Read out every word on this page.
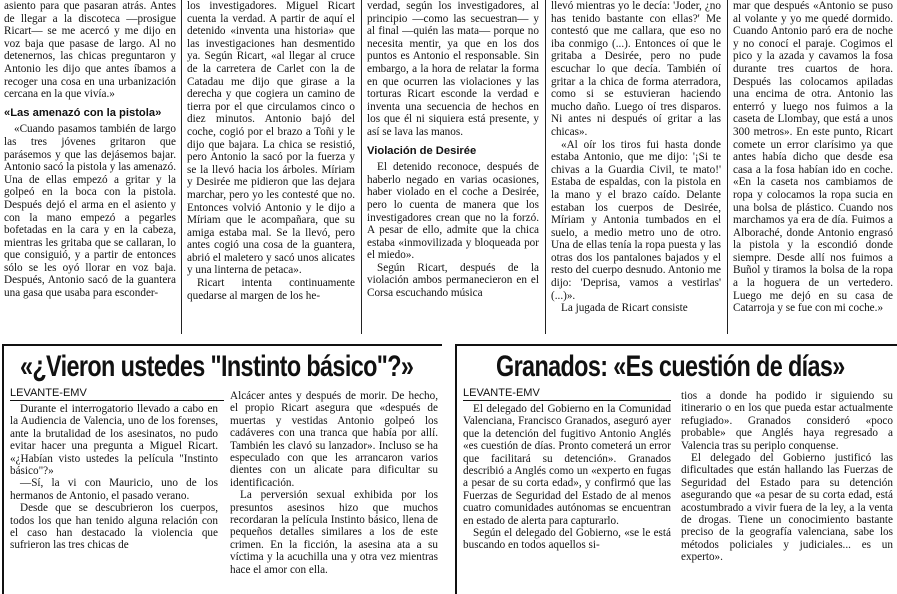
asiento para que pasaran atrás. Antes de llegar a la discoteca —prosigue Ricart— se me acercó y me dijo en voz baja que pasase de largo. Al no detenernos, las chicas preguntaron y Antonio les dijo que antes íbamos a recoger una cosa en una urbanización cercana en la que vivía.»

«Las amenazó con la pistola»

«Cuando pasamos también de largo las tres jóvenes gritaron que parásemos y que las dejásemos bajar. Antonio sacó la pistola y las amenazó. Una de ellas empezó a gritar y la golpeó en la boca con la pistola. Después dejó el arma en el asiento y con la mano empezó a pegarles bofetadas en la cara y en la cabeza, mientras les gritaba que se callaran, lo que consiguió, y a partir de entonces sólo se les oyó llorar en voz baja. Después, Antonio sacó de la guantera una gasa que usaba para esconder-

los investigadores. Miguel Ricart cuenta la verdad. A partir de aquí el detenido «inventa una historia» que las investigaciones han desmentido ya. Según Ricart, «al llegar al cruce de la carretera de Carlet con la de Catadau me dijo que girase a la derecha y que cogiera un camino de tierra por el que circulamos cinco o diez minutos. Antonio bajó del coche, cogió por el brazo a Toñi y le dijo que bajara. La chica se resistió, pero Antonio la sacó por la fuerza y se la llevó hacia los árboles. Míriam y Desirée me pidieron que las dejara marchar, pero yo les contesté que no. Entonces volvió Antonio y le dijo a Míriam que le acompañara, que su amiga estaba mal. Se la llevó, pero antes cogió una cosa de la guantera, abrió el maletero y sacó unos alicates y una linterna de petaca».

Ricart intenta continuamente quedarse al margen de los he-

verdad, según los investigadores, al principio —como las secuestran— y al final —quién las mata— porque no necesita mentir, ya que en los dos puntos es Antonio el responsable. Sin embargo, a la hora de relatar la forma en que ocurren las violaciones y las torturas Ricart esconde la verdad e inventa una secuencia de hechos en los que él ni siquiera está presente, y así se lava las manos.

Violación de Desirée

El detenido reconoce, después de haberlo negado en varias ocasiones, haber violado en el coche a Desirée, pero lo cuenta de manera que los investigadores crean que no la forzó. A pesar de ello, admite que la chica estaba «inmovilizada y bloqueada por el miedo».

Según Ricart, después de la violación ambos permanecieron en el Corsa escuchando música

llevó mientras yo le decía: 'Joder, ¿no has tenido bastante con ellas?' Me contestó que me callara, que eso no iba conmigo (...). Entonces oí que le gritaba a Desirée, pero no pude escuchar lo que decía. También oí gritar a la chica de forma aterradora, como si se estuvieran haciendo mucho daño. Luego oí tres disparos. Ni antes ni después oí gritar a las chicas».

«Al oír los tiros fui hasta donde estaba Antonio, que me dijo: '¡Si te chivas a la Guardia Civil, te mato!' Estaba de espaldas, con la pistola en la mano y el brazo caído. Delante estaban los cuerpos de Desirée, Míriam y Antonia tumbados en el suelo, a medio metro uno de otro. Una de ellas tenía la ropa puesta y las otras dos los pantalones bajados y el resto del cuerpo desnudo. Antonio me dijo: 'Deprisa, vamos a vestirlas' (...)».

La jugada de Ricart consiste

mar que después «Antonio se puso al volante y yo me quedé dormido. Cuando Antonio paró era de noche y no conocí el paraje. Cogimos el pico y la azada y cavamos la fosa durante tres cuartos de hora. Después las colocamos apiladas una encima de otra. Antonio las enterró y luego nos fuimos a la caseta de Llombay, que está a unos 300 metros». En este punto, Ricart comete un error clarísimo ya que antes había dicho que desde esa casa a la fosa habían ido en coche. «En la caseta nos cambiamos de ropa y colocamos la ropa sucia en una bolsa de plástico. Cuando nos marchamos ya era de día. Fuimos a Alboraché, donde Antonio engrasó la pistola y la escondió donde siempre. Desde allí nos fuimos a Buñol y tiramos la bolsa de la ropa a la hoguera de un vertedero. Luego me dejó en su casa de Catarroja y se fue con mi coche.»

«¿Vieron ustedes "Instinto básico"?»
LEVANTE-EMV

Durante el interrogatorio llevado a cabo en la Audiencia de Valencia, uno de los forenses, ante la brutalidad de los asesinatos, no pudo evitar hacer una pregunta a Miguel Ricart. «¿Habían visto ustedes la película "Instinto básico"?»

—Sí, la vi con Mauricio, uno de los hermanos de Antonio, el pasado verano.

Desde que se descubrieron los cuerpos, todos los que han tenido alguna relación con el caso han destacado la violencia que sufrieron las tres chicas de

Alcácer antes y después de morir. De hecho, el propio Ricart asegura que «después de muertas y vestidas Antonio golpeó los cadáveres con una tranca que había por allí. También les clavó su lanzador». Incluso se ha especulado con que les arrancaron varios dientes con un alicate para dificultar su identificación.

La perversión sexual exhibida por los presuntos asesinos hizo que muchos recordaran la película Instinto básico, llena de pequeños detalles similares a los de este crimen. En la ficción, la asesina ata a su víctima y la acuchilla una y otra vez mientras hace el amor con ella.

Granados: «Es cuestión de días»
LEVANTE-EMV

El delegado del Gobierno en la Comunidad Valenciana, Francisco Granados, aseguró ayer que la detención del fugitivo Antonio Anglés «es cuestión de días. Pronto cometerá un error que facilitará su detención». Granados describió a Anglés como un «experto en fugas a pesar de su corta edad», y confirmó que las Fuerzas de Seguridad del Estado de al menos cuatro comunidades autónomas se encuentran en estado de alerta para capturarlo.

Según el delegado del Gobierno, «se le está buscando en todos aquellos si-

tios a donde ha podido ir siguiendo su itinerario o en los que pueda estar actualmente refugiado». Granados consideró «poco probable» que Anglés haya regresado a Valencia tras su periplo conquense.

El delegado del Gobierno justificó las dificultades que están hallando las Fuerzas de Seguridad del Estado para su detención asegurando que «a pesar de su corta edad, está acostumbrado a vivir fuera de la ley, a la venta de drogas. Tiene un conocimiento bastante preciso de la geografía valenciana, sabe los métodos policiales y judiciales... es un experto».
